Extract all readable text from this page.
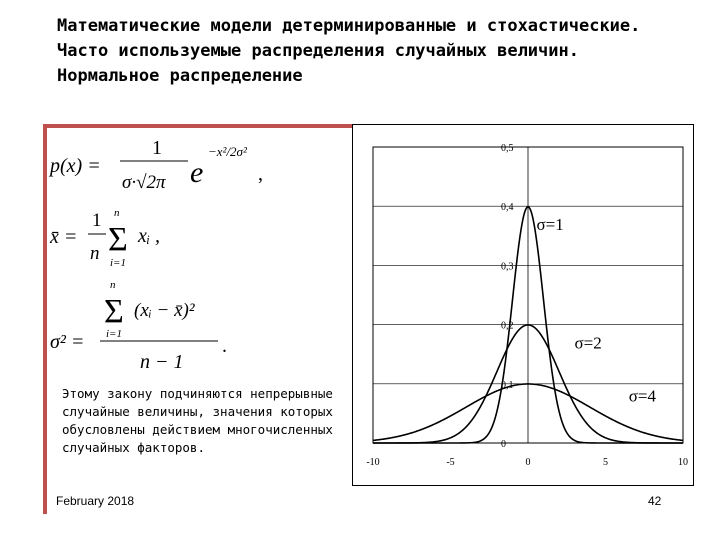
Математические модели детерминированные и стохастические. Часто используемые распределения случайных величин. Нормальное распределение
p(x) =
1
σ·√2π e
−x²/2σ²
,
x̄ =
1
n
n
Σ
i=1
xᵢ ,
n
Σ
i=1
(xᵢ − x̄)²
σ² =
n − 1
.

Этому закону подчиняются непрерывные случайные величины, значения которых обусловлены действием многочисленных случайных факторов.

0,5
0,4
0,3
0,2
0,1
0
-10	-5	0	5	10
σ=1
σ=2
σ=4
February 2018	42
